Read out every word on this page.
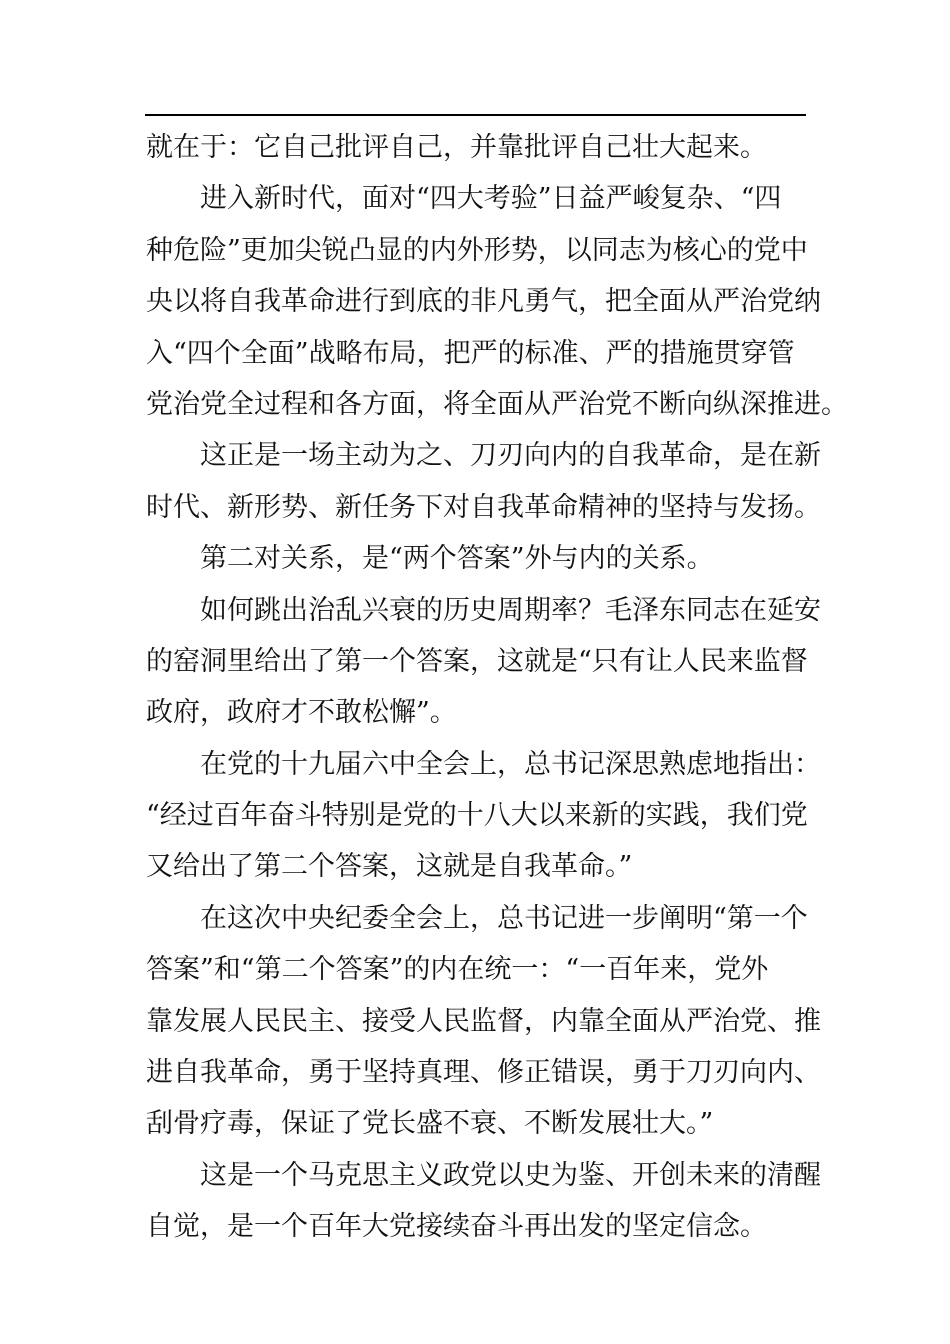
就在于：它自己批评自己，并靠批评自己壮大起来。
进入新时代，面对“四大考验”日益严峻复杂、“四
种危险”更加尖锐凸显的内外形势，以同志为核心的党中
央以将自我革命进行到底的非凡勇气，把全面从严治党纳
入“四个全面”战略布局，把严的标准、严的措施贯穿管
党治党全过程和各方面，将全面从严治党不断向纵深推进。
这正是一场主动为之、刀刃向内的自我革命，是在新
时代、新形势、新任务下对自我革命精神的坚持与发扬。
第二对关系，是“两个答案”外与内的关系。
如何跳出治乱兴衰的历史周期率？毛泽东同志在延安
的窑洞里给出了第一个答案，这就是“只有让人民来监督
政府，政府才不敢松懈”。
在党的十九届六中全会上，总书记深思熟虑地指出：
“经过百年奋斗特别是党的十八大以来新的实践，我们党
又给出了第二个答案，这就是自我革命。”
在这次中央纪委全会上，总书记进一步阐明“第一个
答案”和“第二个答案”的内在统一：“一百年来，党外
靠发展人民民主、接受人民监督，内靠全面从严治党、推
进自我革命，勇于坚持真理、修正错误，勇于刀刃向内、
刮骨疗毒，保证了党长盛不衰、不断发展壮大。”
这是一个马克思主义政党以史为鉴、开创未来的清醒
自觉，是一个百年大党接续奋斗再出发的坚定信念。
